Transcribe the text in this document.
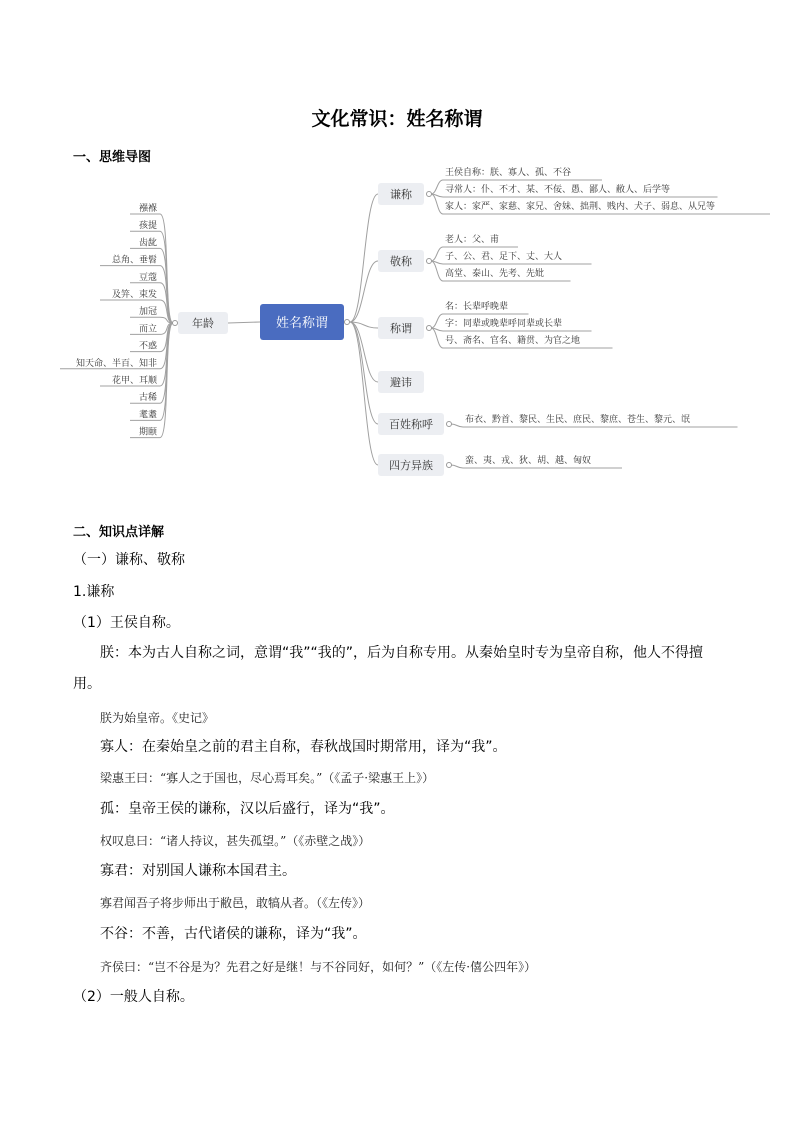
文化常识：姓名称谓
一、思维导图
姓名称谓
年龄
襁褓
孩提
齿龀
总角、垂髫
豆蔻
及笄、束发
加冠
而立
不惑
知天命、半百、知非
花甲、耳顺
古稀
耄耋
期颐
谦称
王侯自称：朕、寡人、孤、不谷
寻常人：仆、不才、某、不佞、愚、鄙人、敝人、后学等
家人：家严、家慈、家兄、舍妹、拙荆、贱内、犬子、弱息、从兄等
敬称
老人：父、甫
子、公、君、足下、丈、大人
高堂、泰山、先考、先妣
称谓
名：长辈呼晚辈
字：同辈或晚辈呼同辈或长辈
号、斋名、官名、籍贯、为官之地
避讳
百姓称呼	布衣、黔首、黎民、生民、庶民、黎庶、苍生、黎元、氓
四方异族	蛮、夷、戎、狄、胡、越、匈奴
二、知识点详解
（一）谦称、敬称
1.谦称
（1）王侯自称。
朕：本为古人自称之词，意谓“我”“我的”，后为自称专用。从秦始皇时专为皇帝自称，他人不得擅用。
朕为始皇帝。《史记》
寡人：在秦始皇之前的君主自称，春秋战国时期常用，译为“我”。
梁惠王曰：“寡人之于国也，尽心焉耳矣。”（《孟子·梁惠王上》）
孤：皇帝王侯的谦称，汉以后盛行，译为“我”。
权叹息曰：“诸人持议，甚失孤望。”（《赤壁之战》）
寡君：对别国人谦称本国君主。
寡君闻吾子将步师出于敝邑，敢犒从者。（《左传》）
不谷：不善，古代诸侯的谦称，译为“我”。
齐侯曰：“岂不谷是为？先君之好是继！与不谷同好，如何？”（《左传·僖公四年》）
（2）一般人自称。
